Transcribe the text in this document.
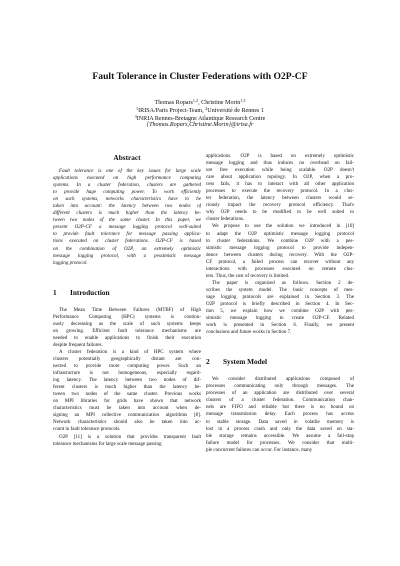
Fault Tolerance in Cluster Federations with O2P-CF
Thomas Ropars$^{1,2}$, Christine Morin$^{1,3}$
$^1$IRISA/Paris Project-Team, $^2$Université de Rennes 1
$^3$INRIA Rennes-Bretagne Atlantique Research Centre
{Thomas.Ropars,Christine.Morin}@irisa.fr
Abstract
Fault tolerance is one of the key issues for large scale
applications executed on high performance computing
systems. In a cluster federation, clusters are gathered
to provide huge computing power. To work efficiently
on such systems, networks characteristics have to be
taken into account: the latency between two nodes of
different clusters is much higher than the latency be-
tween two nodes of the same cluster. In this paper, we
present O2P-CF a message logging protocol well-suited
to provide fault tolerance for message passing applica-
tions executed on cluster federations. O2P-CF is based
on the combination of O2P, an extremely optimistic
message logging protocol, with a pessimistic message
logging protocol.
1 Introduction
The Mean Time Between Failures (MTBF) of High
Performance Computing (HPC) systems is continu-
ously decreasing as the scale of such systems keeps
on growing. Efficient fault tolerance mechanisms are
needed to enable applications to finish their execution
despite frequent failures.
A cluster federation is a kind of HPC system where
clusters potentially geographically distant are con-
nected to provide more computing power. Such an
infrastructure is not homogeneous, especially regard-
ing latency. The latency between two nodes of dif-
ferent clusters is much higher than the latency be-
tween two nodes of the same cluster. Previous works
on MPI libraries for grids have shown that network
characteristics must be taken into account when de-
signing an MPI collective communication algorithms [8].
Network characteristics should also be taken into ac-
count in fault tolerance protocols.
O2P [11] is a solution that provides transparent fault
tolerance mechanisms for large scale message passing
applications. O2P is based on extremely optimistic
message logging and thus induces no overhead on fail-
ure free execution while being scalable. O2P doesn't
care about application topology. In O2P, when a pro-
cess fails, it has to interact with all other application
processes to execute the recovery protocol. In a clus-
ter federation, the latency between clusters would se-
riously impact the recovery protocol efficiency. That's
why O2P needs to be modified to be well suited to
cluster federations.
We propose to use the solution we introduced in [10]
to adapt the O2P optimistic message logging protocol
to cluster federations. We combine O2P with a pes-
simistic message logging protocol to provide indepen-
dence between clusters during recovery. With the O2P-
CF protocol, a failed process can recover without any
interactions with processes executed on remote clus-
ters. Thus, the cost of recovery is limited.
The paper is organized as follows. Section 2 de-
scribes the system model. The basic concepts of mes-
sage logging protocols are explained in Section 3. The
O2P protocol is briefly described in Section 4. In Sec-
tion 5, we explain how we combine O2P with pes-
simistic message logging to create O2P-CF. Related
work is presented in Section 6. Finally, we present
conclusions and future works in Section 7.
2 System Model
We consider distributed applications composed of
processes communicating only through messages. The
processes of an application are distributed over several
clusters of a cluster federation. Communication chan-
nels are FIFO and reliable but there is no bound on
message transmission delay. Each process has access
to stable storage. Data saved in volatile memory is
lost in a process crash and only the data saved on sta-
ble storage remains accessible. We assume a fail-stop
failure model for processes. We consider that multi-
ple concurrent failures can occur. For instance, many
